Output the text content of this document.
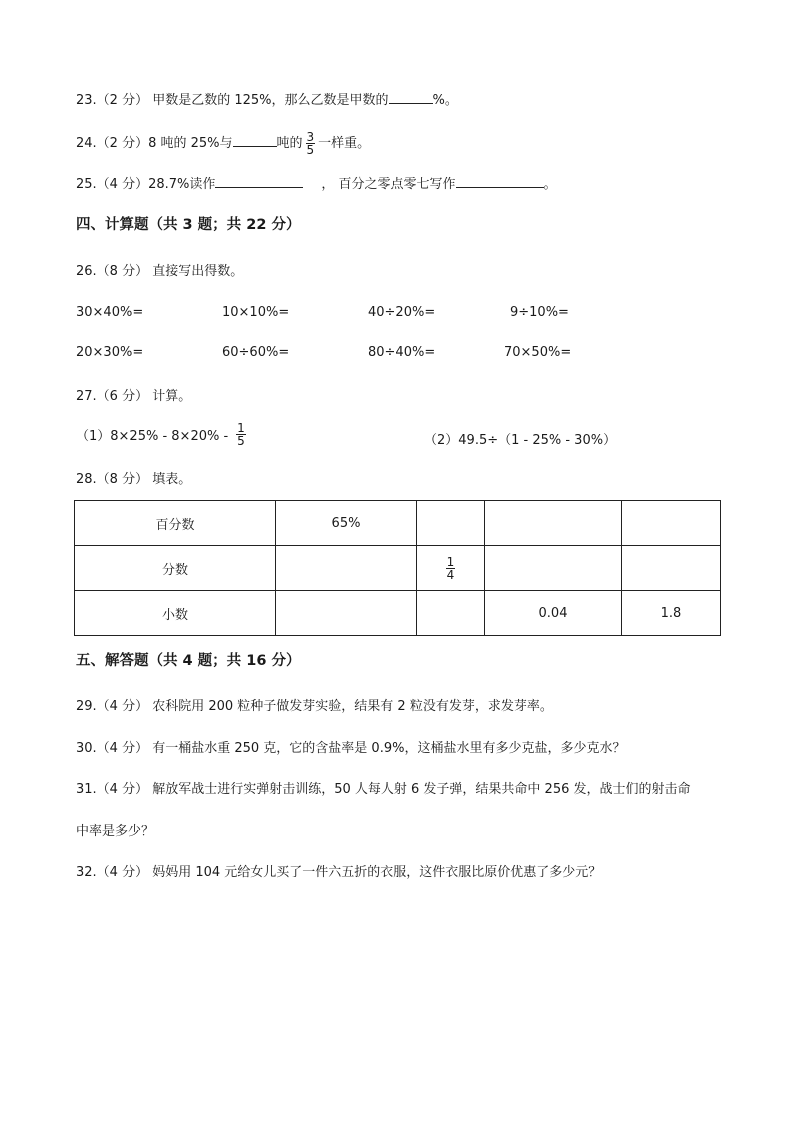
23.（2 分） 甲数是乙数的 125%，那么乙数是甲数的	%。
24.（2 分）8 吨的 25%与	吨的 $\frac{3}{5}$ 一样重。
25.（4 分）28.7%读作	， 百分之零点零七写作	。
四、计算题（共 3 题；共 22 分）
26.（8 分） 直接写出得数。
30×40%=	10×10%=	40÷20%=	9÷10%=
20×30%=	60÷60%=	80÷40%=	70×50%=
27.（6 分） 计算。
$(1)8\times 25\% - 8\times 20\% - \frac{1}{5}$	（2）49.5÷（1 - 25% - 30%）
28.（8 分） 填表。
百分数	65%			
分数		$\frac{1}{4}$

小数			0.04	1.8
五、解答题（共 4 题；共 16 分）
29.（4 分） 农科院用 200 粒种子做发芽实验，结果有 2 粒没有发芽，求发芽率。
30.（4 分） 有一桶盐水重 250 克，它的含盐率是 0.9%，这桶盐水里有多少克盐，多少克水？
31.（4 分） 解放军战士进行实弹射击训练，50 人每人射 6 发子弹，结果共命中 256 发，战士们的射击命
中率是多少？
32.（4 分） 妈妈用 104 元给女儿买了一件六五折的衣服，这件衣服比原价优惠了多少元？
